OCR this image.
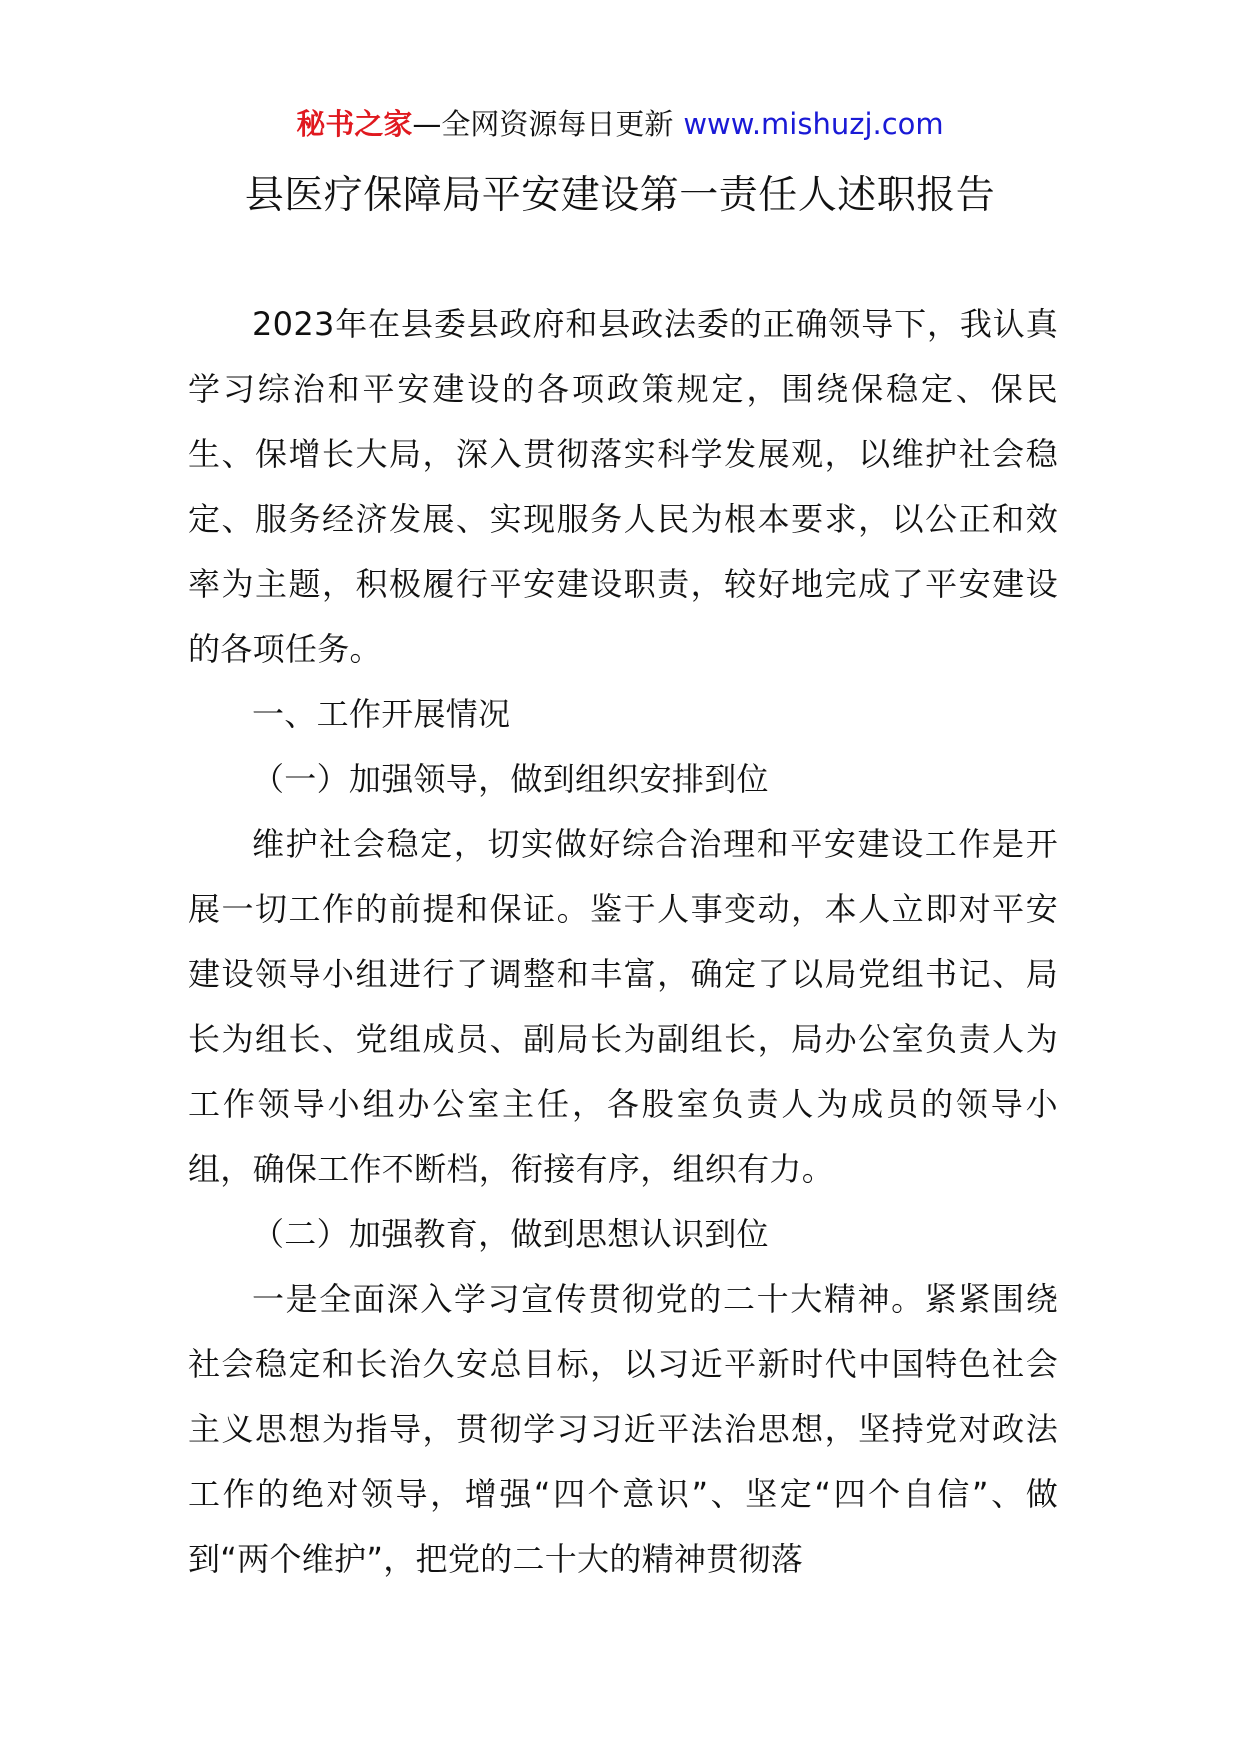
秘书之家—全网资源每日更新 www.mishuzj.com
县医疗保障局平安建设第一责任人述职报告

2023年在县委县政府和县政法委的正确领导下，我认真学习综治和平安建设的各项政策规定，围绕保稳定、保民生、保增长大局，深入贯彻落实科学发展观，以维护社会稳定、服务经济发展、实现服务人民为根本要求，以公正和效率为主题，积极履行平安建设职责，较好地完成了平安建设的各项任务。

一、工作开展情况

（一）加强领导，做到组织安排到位

维护社会稳定，切实做好综合治理和平安建设工作是开展一切工作的前提和保证。鉴于人事变动，本人立即对平安建设领导小组进行了调整和丰富，确定了以局党组书记、局长为组长、党组成员、副局长为副组长，局办公室负责人为工作领导小组办公室主任，各股室负责人为成员的领导小组，确保工作不断档，衔接有序，组织有力。

（二）加强教育，做到思想认识到位

一是全面深入学习宣传贯彻党的二十大精神。紧紧围绕社会稳定和长治久安总目标，以习近平新时代中国特色社会主义思想为指导，贯彻学习习近平法治思想，坚持党对政法工作的绝对领导，增强“四个意识”、坚定“四个自信”、做到“两个维护”，把党的二十大的精神贯彻落
